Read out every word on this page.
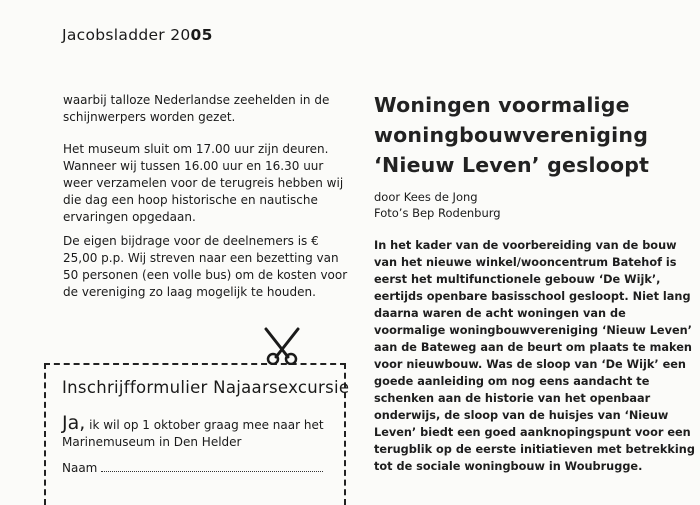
Jacobsladder 2005

waarbij talloze Nederlandse zeehelden in de schijnwerpers worden gezet.

Het museum sluit om 17.00 uur zijn deuren. Wanneer wij tussen 16.00 uur en 16.30 uur weer verzamelen voor de terugreis hebben wij die dag een hoop historische en nautische ervaringen opgedaan.

De eigen bijdrage voor de deelnemers is € 25,00 p.p. Wij streven naar een bezetting van 50 personen (een volle bus) om de kosten voor de vereniging zo laag mogelijk te houden.

Woningen voormalige woningbouwvereniging ‘Nieuw Leven’ gesloopt
door Kees de Jong
Foto’s Bep Rodenburg
In het kader van de voorbereiding van de bouw van het nieuwe winkel/wooncentrum Batehof is eerst het multifunctionele gebouw ‘De Wijk’, eertijds openbare basisschool gesloopt. Niet lang daarna waren de acht woningen van de voormalige woningbouwvereniging ‘Nieuw Leven’ aan de Bateweg aan de beurt om plaats te maken voor nieuwbouw. Was de sloop van ‘De Wijk’ een goede aanleiding om nog eens aandacht te schenken aan de historie van het openbaar onderwijs, de sloop van de huisjes van ‘Nieuw Leven’ biedt een goed aanknopingspunt voor een terugblik op de eerste initiatieven met betrekking tot de sociale woningbouw in Woubrugge.
Inschrijfformulier Najaarsexcursie
Ja, ik wil op 1 oktober graag mee naar het Marinemuseum in Den Helder
Naam
